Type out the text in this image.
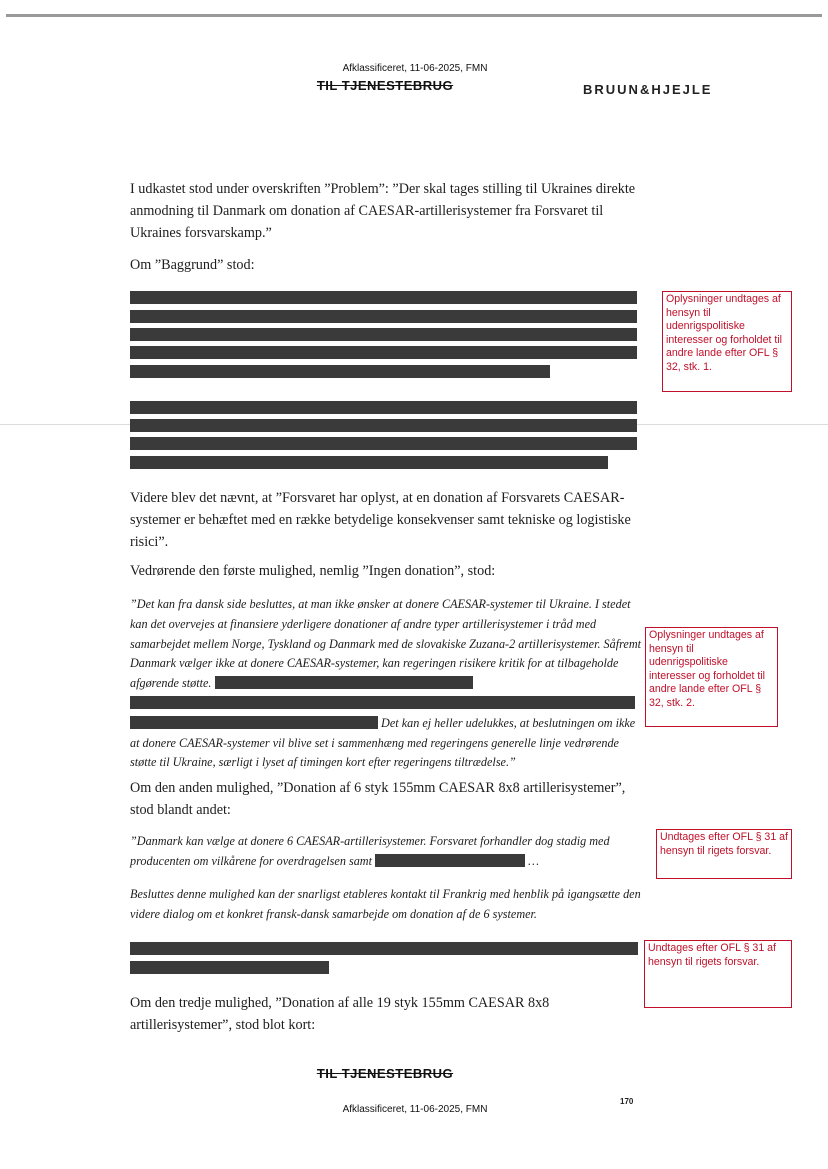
Afklassificeret, 11-06-2025, FMN
TIL TJENESTEBRUG	BRUUN&HJEJLE
I udkastet stod under overskriften ”Problem”: ”Der skal tages stilling til Ukraines direkte anmodning til Danmark om donation af CAESAR-artillerisystemer fra Forsvaret til Ukraines forsvarskamp.”
Om ”Baggrund” stod:
Oplysninger undtages af hensyn til udenrigspolitiske interesser og forholdet til andre lande efter OFL § 32, stk. 1.
Videre blev det nævnt, at ”Forsvaret har oplyst, at en donation af Forsvarets CAESAR-systemer er behæftet med en række betydelige konsekvenser samt tekniske og logistiske risici”.
Vedrørende den første mulighed, nemlig ”Ingen donation”, stod:
”Det kan fra dansk side besluttes, at man ikke ønsker at donere CAESAR-systemer til Ukraine. I stedet kan det overvejes at finansiere yderligere donationer af andre typer artillerisystemer i tråd med samarbejdet mellem Norge, Tyskland og Danmark med de slovakiske Zuzana-2 artillerisystemer. Såfremt Danmark vælger ikke at donere CAESAR-systemer, kan regeringen risikere kritik for at tilbageholde afgørende støtte.    Det kan ej heller udelukkes, at beslutningen om ikke at donere CAESAR-systemer vil blive set i sammenhæng med regeringens generelle linje vedrørende støtte til Ukraine, særligt i lyset af timingen kort efter regeringens tiltrædelse.”
Oplysninger undtages af hensyn til udenrigspolitiske interesser og forholdet til andre lande efter OFL § 32, stk. 2.
Om den anden mulighed, ”Donation af 6 styk 155mm CAESAR 8x8 artillerisystemer”, stod blandt andet:
”Danmark kan vælge at donere 6 CAESAR-artillerisystemer. Forsvaret forhandler dog stadig med producenten om vilkårene for overdragelsen samt	…
Undtages efter OFL § 31 af hensyn til rigets forsvar.
Besluttes denne mulighed kan der snarligst etableres kontakt til Frankrig med henblik på igangsætte den videre dialog om et konkret fransk-dansk samarbejde om donation af de 6 systemer.
Undtages efter OFL § 31 af hensyn til rigets forsvar.
Om den tredje mulighed, ”Donation af alle 19 styk 155mm CAESAR 8x8 artillerisystemer”, stod blot kort:
TIL TJENESTEBRUG
170
Afklassificeret, 11-06-2025, FMN
